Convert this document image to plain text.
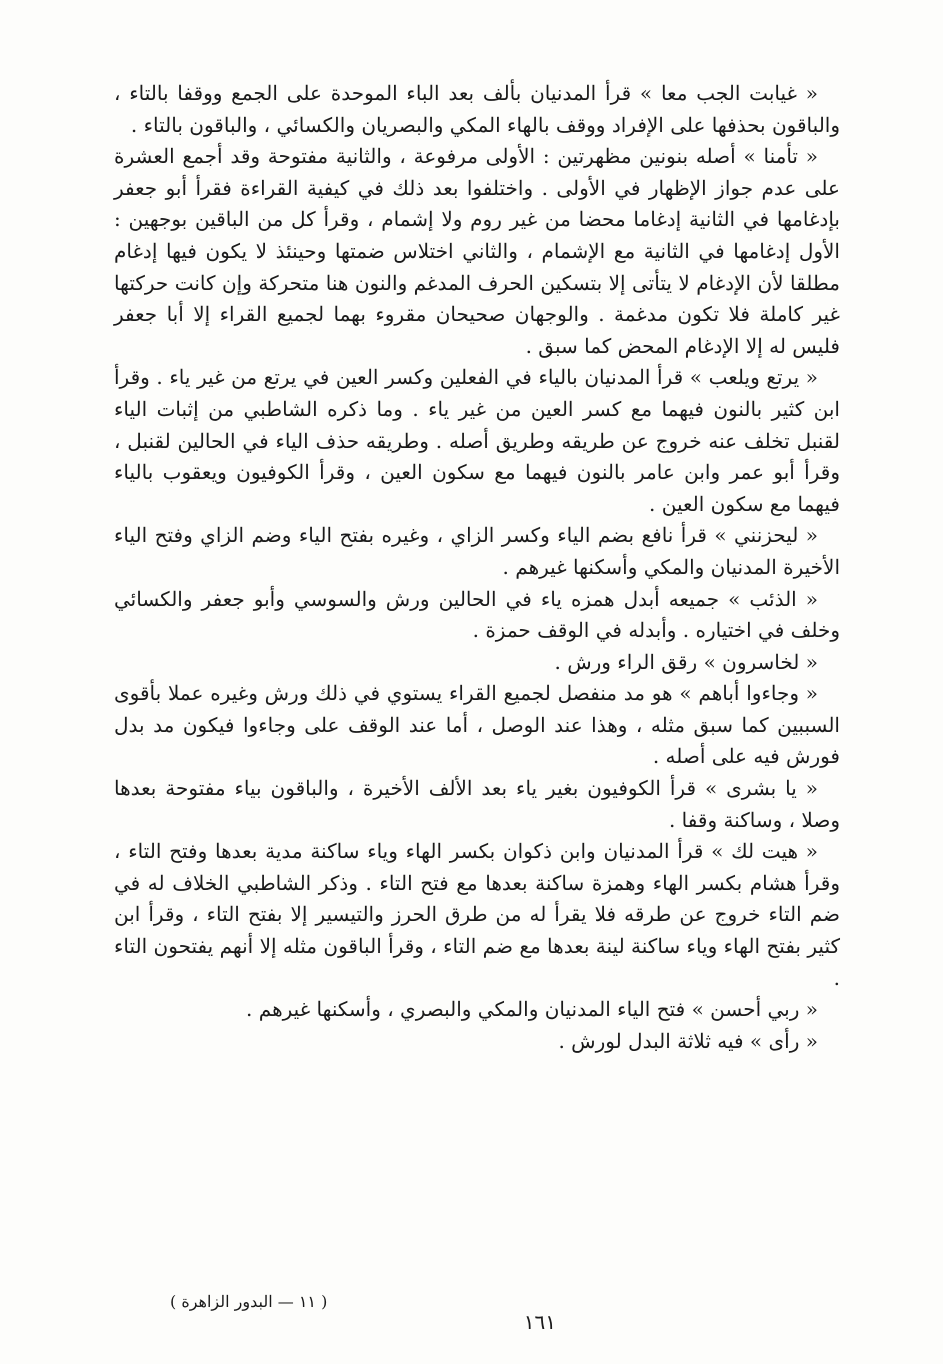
« غيابت الجب معا » قرأ المدنيان بألف بعد الباء الموحدة على الجمع ووقفا بالتاء ، والباقون بحذفها على الإفراد ووقف بالهاء المكي والبصريان والكسائي ، والباقون بالتاء .

« تأمنا » أصله بنونين مظهرتين : الأولى مرفوعة ، والثانية مفتوحة وقد أجمع العشرة على عدم جواز الإظهار في الأولى . واختلفوا بعد ذلك في كيفية القراءة فقرأ أبو جعفر بإدغامها في الثانية إدغاما محضا من غير روم ولا إشمام ، وقرأ كل من الباقين بوجهين : الأول إدغامها في الثانية مع الإشمام ، والثاني اختلاس ضمتها وحينئذ لا يكون فيها إدغام مطلقا لأن الإدغام لا يتأتى إلا بتسكين الحرف المدغم والنون هنا متحركة وإن كانت حركتها غير كاملة فلا تكون مدغمة . والوجهان صحيحان مقروء بهما لجميع القراء إلا أبا جعفر فليس له إلا الإدغام المحض كما سبق .

« يرتع ويلعب » قرأ المدنيان بالياء في الفعلين وكسر العين في يرتع من غير ياء . وقرأ ابن كثير بالنون فيهما مع كسر العين من غير ياء . وما ذكره الشاطبي من إثبات الياء لقنبل تخلف عنه خروج عن طريقه وطريق أصله . وطريقه حذف الياء في الحالين لقنبل ، وقرأ أبو عمر وابن عامر بالنون فيهما مع سكون العين ، وقرأ الكوفيون ويعقوب بالياء فيهما مع سكون العين .

« ليحزنني » قرأ نافع بضم الياء وكسر الزاي ، وغيره بفتح الياء وضم الزاي وفتح الياء الأخيرة المدنيان والمكي وأسكنها غيرهم .

« الذئب » جميعه أبدل همزه ياء في الحالين ورش والسوسي وأبو جعفر والكسائي وخلف في اختياره . وأبدله في الوقف حمزة .

« لخاسرون » رقق الراء ورش .

« وجاءوا أباهم » هو مد منفصل لجميع القراء يستوي في ذلك ورش وغيره عملا بأقوى السببين كما سبق مثله ، وهذا عند الوصل ، أما عند الوقف على وجاءوا فيكون مد بدل فورش فيه على أصله .

« يا بشرى » قرأ الكوفيون بغير ياء بعد الألف الأخيرة ، والباقون بياء مفتوحة بعدها وصلا ، وساكنة وقفا .

« هيت لك » قرأ المدنيان وابن ذكوان بكسر الهاء وياء ساكنة مدية بعدها وفتح التاء ، وقرأ هشام بكسر الهاء وهمزة ساكنة بعدها مع فتح التاء . وذكر الشاطبي الخلاف له في ضم التاء خروج عن طرقه فلا يقرأ له من طرق الحرز والتيسير إلا بفتح التاء ، وقرأ ابن كثير بفتح الهاء وياء ساكنة لينة بعدها مع ضم التاء ، وقرأ الباقون مثله إلا أنهم يفتحون التاء .

« ربي أحسن » فتح الياء المدنيان والمكي والبصري ، وأسكنها غيرهم .

« رأى » فيه ثلاثة البدل لورش .

( ١١ — البدور الزاهرة )
١٦١
